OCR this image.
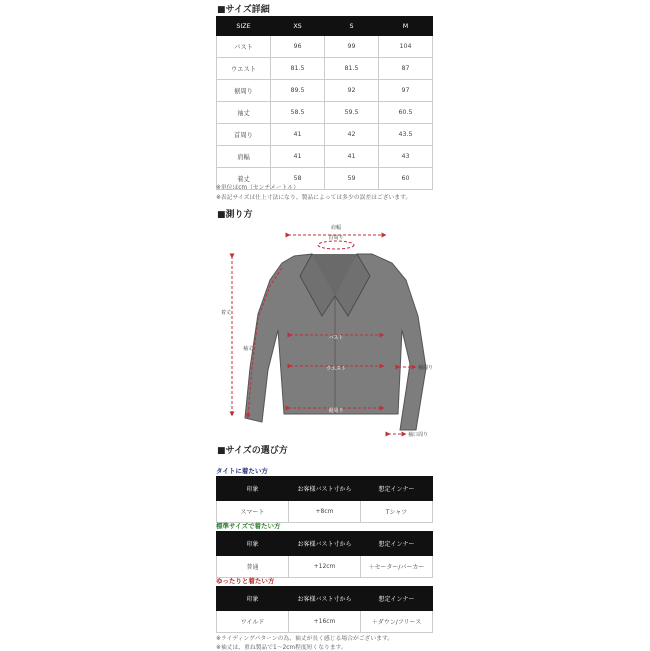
■サイズ詳細
SIZE	XS	S	M
バスト	96	99	104
ウエスト	81.5	81.5	87
裾周り	89.5	92	97
袖丈	58.5	59.5	60.5
首周り	41	42	43.5
肩幅	41	41	43
着丈	58	59	60
※単位はcm（センチメートル）
※表記サイズは仕上寸法になり、製品によっては多少の誤差はございます。
■測り方
肩幅
首周り
着丈
袖丈
バスト
ウエスト
裾周り
袖周り
袖口周り
■サイズの選び方
タイトに着たい方
印象	お客様バスト寸から	想定インナー
スマート	+8cm	Tシャツ
標準サイズで着たい方
印象	お客様バスト寸から	想定インナー
普通	+12cm	＋セーター/パーカー
ゆったりと着たい方
印象	お客様バスト寸から	想定インナー
ワイルド	+16cm	＋ダウン/フリース
※ライディングパターンの為、袖丈が長く感じる場合がございます。
※袖丈は、重ね製品で1〜2cm程度短くなります。
